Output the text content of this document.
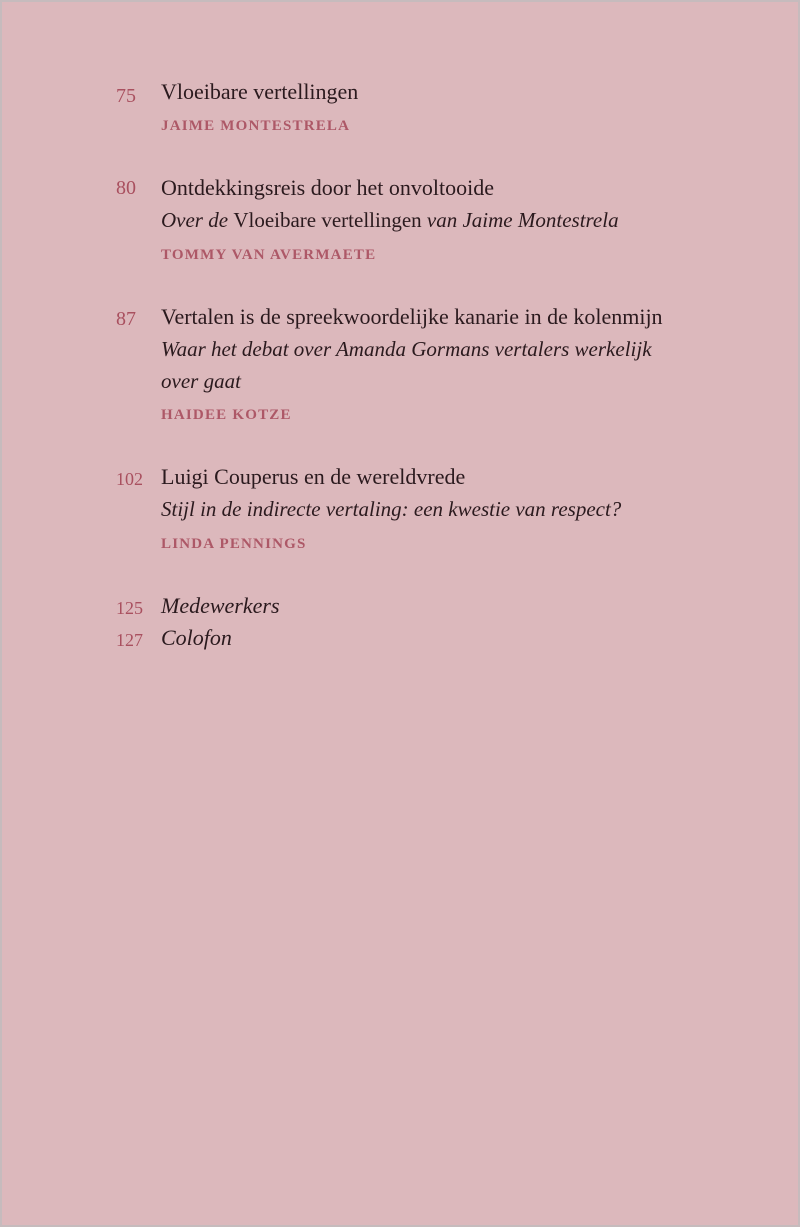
75 Vloeibare vertellingen
JAIME MONTESTRELA
80 Ontdekkingsreis door het onvoltooide
Over de Vloeibare vertellingen van Jaime Montestrela
TOMMY VAN AVERMAETE
87 Vertalen is de spreekwoordelijke kanarie in de kolenmijn
Waar het debat over Amanda Gormans vertalers werkelijk over gaat
HAIDEE KOTZE
102 Luigi Couperus en de wereldvrede
Stijl in de indirecte vertaling: een kwestie van respect?
LINDA PENNINGS
125 Medewerkers
127 Colofon
